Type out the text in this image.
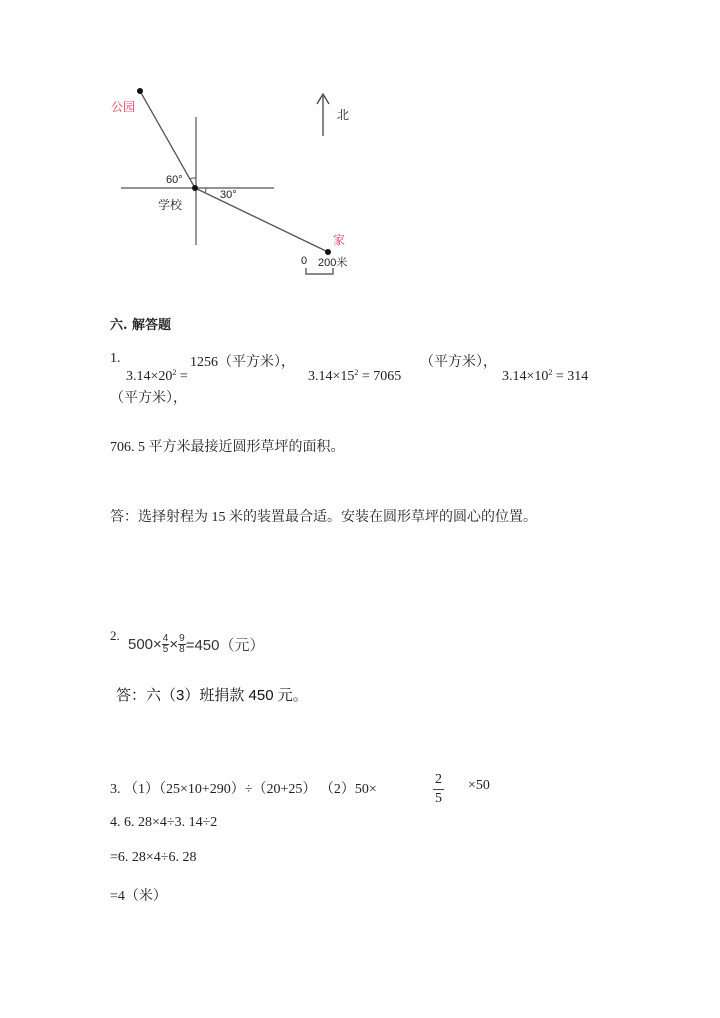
公园
60°
30°
学校
家
北
0 200米
六. 解答题
1.	1256（平方米），	（平方米），
$3.14\times 20^2$ =	$3.14\times 15^2 = 7065$	$3.14\times 10^2 = 314$
（平方米），
706. 5 平方米最接近圆形草坪的面积。
答：选择射程为 15 米的装置最合适。安装在圆形草坪的圆心的位置。
2.
$500\times \frac{4}{5} \times \frac{9}{8} =450$（元）
答：六（3）班捐款 450 元。
3. （1）（25×10+290）÷（20+25） （2）50×	$\frac{2}{5} \times 50$
4. 6. 28×4÷3. 14÷2
=6. 28×4÷6. 28
=4（米）
